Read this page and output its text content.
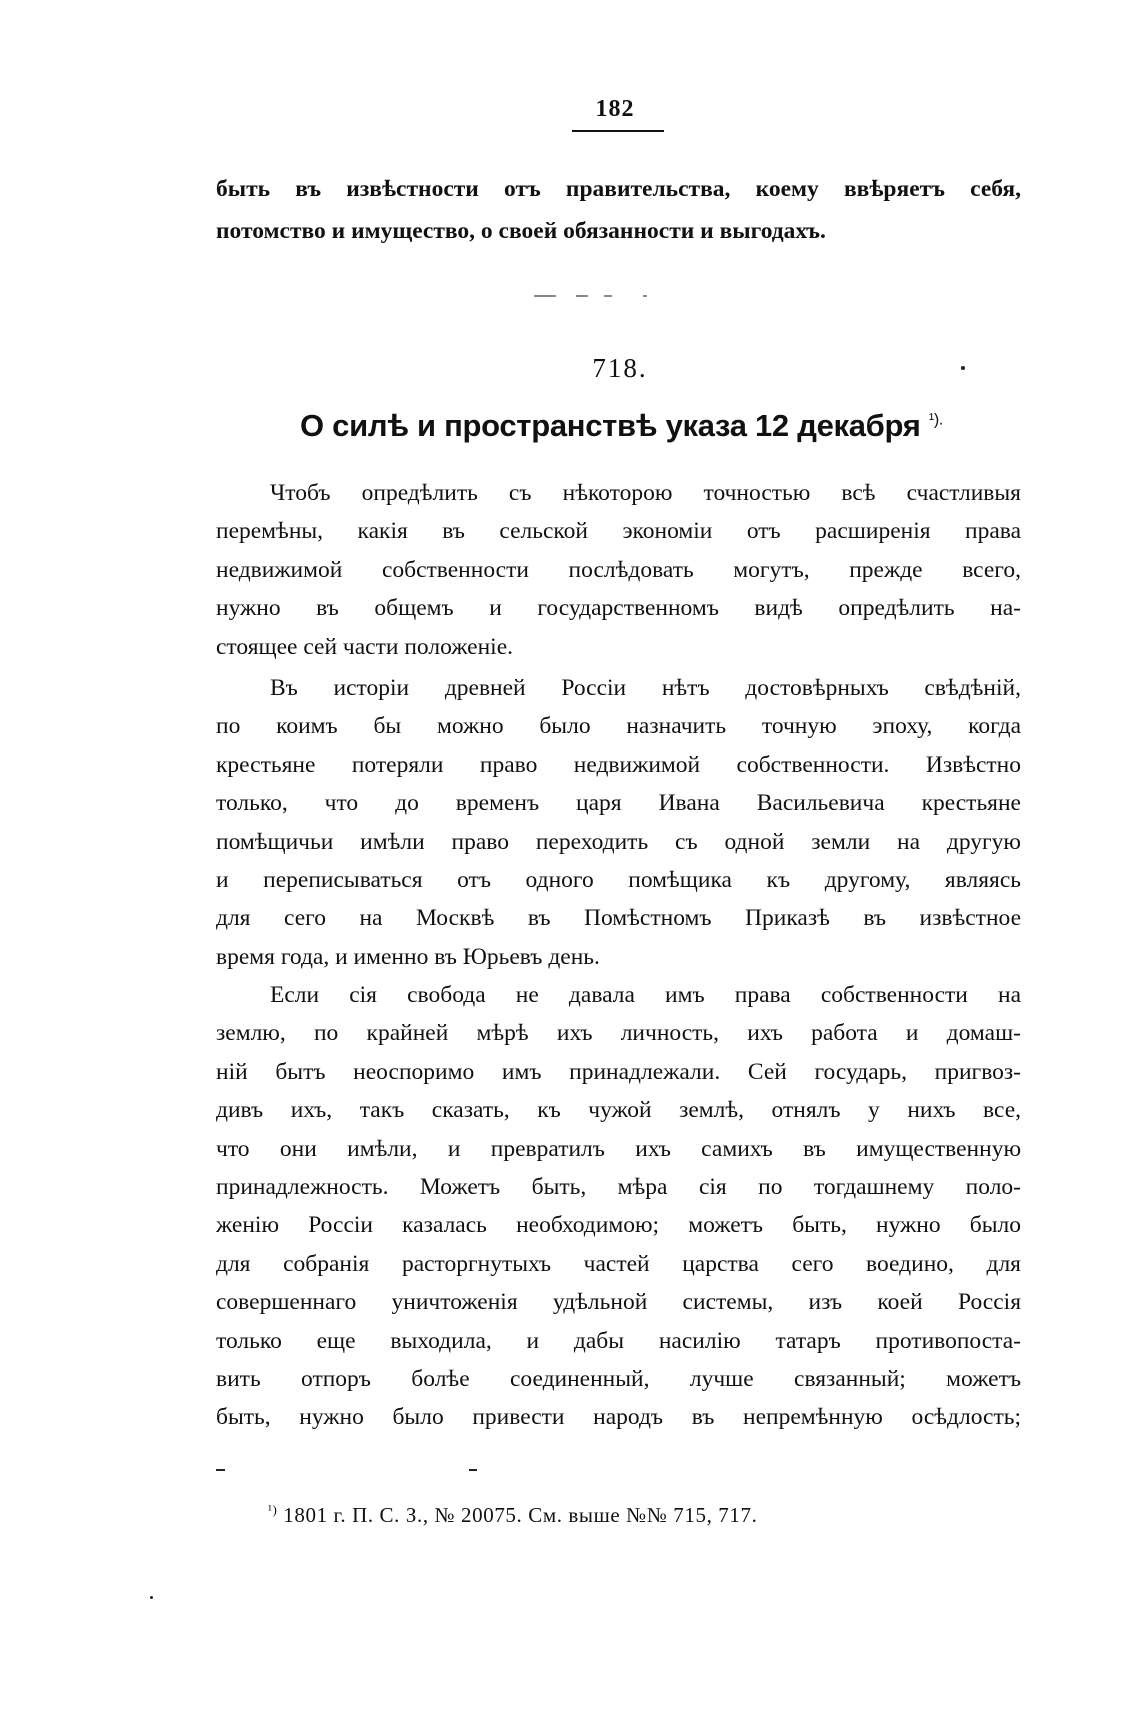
182
быть въ извѣстности отъ правительства, коему ввѣряетъ себя,
потомство и имущество, о своей обязанности и выгодахъ.
718.
О силѣ и пространствѣ указа 12 декабря $^{^1).}$
Чтобъ опредѣлить съ нѣкоторою точностью всѣ счастливыя
перемѣны, какія въ сельской экономіи отъ расширенія права
недвижимой собственности послѣдовать могутъ, прежде всего,
нужно въ общемъ и государственномъ видѣ опредѣлить на-
стоящее сей части положеніе.
Въ исторіи древней Россіи нѣтъ достовѣрныхъ свѣдѣній,
по коимъ бы можно было назначить точную эпоху, когда
крестьяне потеряли право недвижимой собственности. Извѣстно
только, что до временъ царя Ивана Васильевича крестьяне
помѣщичьи имѣли право переходить съ одной земли на другую
и переписываться отъ одного помѣщика къ другому, являясь
для сего на Москвѣ въ Помѣстномъ Приказѣ въ извѣстное
время года, и именно въ Юрьевъ день.
Если сія свобода не давала имъ права собственности на
землю, по крайней мѣрѣ ихъ личность, ихъ работа и домаш-
ній бытъ неоспоримо имъ принадлежали. Сей государь, пригвоз-
дивъ ихъ, такъ сказать, къ чужой землѣ, отнялъ у нихъ все,
что они имѣли, и превратилъ ихъ самихъ въ имущественную
принадлежность. Можетъ быть, мѣра сія по тогдашнему поло-
женію Россіи казалась необходимою; можетъ быть, нужно было
для собранія расторгнутыхъ частей царства сего воедино, для
совершеннаго уничтоженія удѣльной системы, изъ коей Россія
только еще выходила, и дабы насилію татаръ противопоста-
вить отпоръ болѣе соединенный, лучше связанный; можетъ
быть, нужно было привести народъ въ непремѣнную осѣдлость;
$^{^1)}$ 1801 г. П. С. З., № 20075. См. выше №№ 715, 717.
